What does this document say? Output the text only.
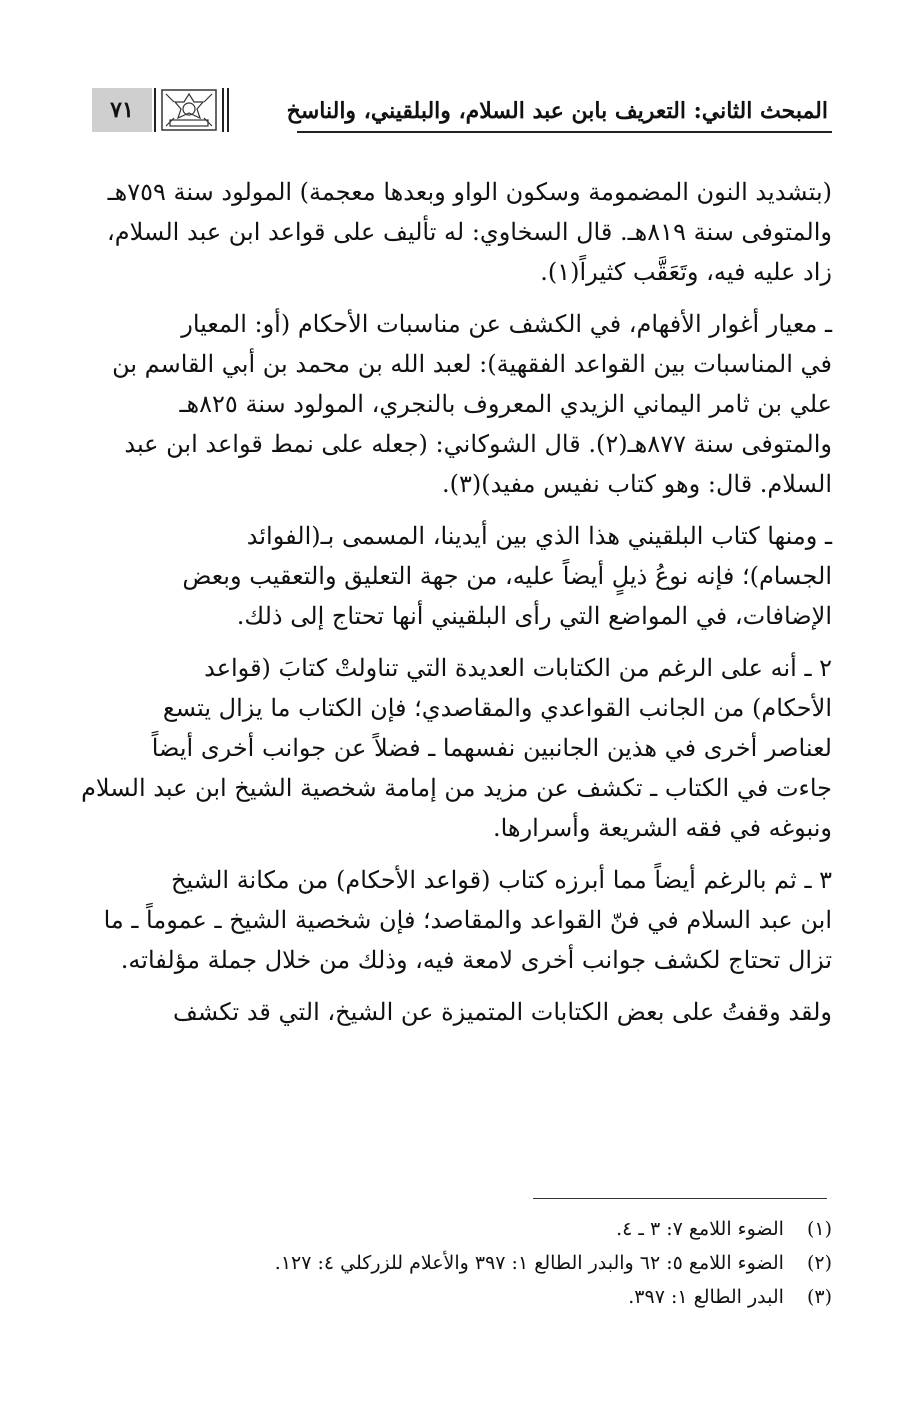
٧١	المبحث الثاني: التعريف بابن عبد السلام، والبلقيني، والناسخ

(بتشديد النون المضمومة وسكون الواو وبعدها معجمة) المولود سنة ٧٥٩هـ
والمتوفى سنة ٨١٩هـ. قال السخاوي: له تأليف على قواعد ابن عبد السلام،
زاد عليه فيه، وتَعَقَّب كثيراً(١).

ـ معيار أغوار الأفهام، في الكشف عن مناسبات الأحكام (أو: المعيار
في المناسبات بين القواعد الفقهية): لعبد الله بن محمد بن أبي القاسم بن
علي بن ثامر اليماني الزيدي المعروف بالنجري، المولود سنة ٨٢٥هـ
والمتوفى سنة ٨٧٧هـ(٢). قال الشوكاني: (جعله على نمط قواعد ابن عبد
السلام. قال: وهو كتاب نفيس مفيد)(٣).

ـ ومنها كتاب البلقيني هذا الذي بين أيدينا، المسمى بـ(الفوائد
الجسام)؛ فإنه نوعُ ذيلٍ أيضاً عليه، من جهة التعليق والتعقيب وبعض
الإضافات، في المواضع التي رأى البلقيني أنها تحتاج إلى ذلك.

٢ ـ أنه على الرغم من الكتابات العديدة التي تناولتْ كتابَ (قواعد
الأحكام) من الجانب القواعدي والمقاصدي؛ فإن الكتاب ما يزال يتسع
لعناصر أخرى في هذين الجانبين نفسهما ـ فضلاً عن جوانب أخرى أيضاً
جاءت في الكتاب ـ تكشف عن مزيد من إمامة شخصية الشيخ ابن عبد السلام
ونبوغه في فقه الشريعة وأسرارها.

٣ ـ ثم بالرغم أيضاً مما أبرزه كتاب (قواعد الأحكام) من مكانة الشيخ
ابن عبد السلام في فنّ القواعد والمقاصد؛ فإن شخصية الشيخ ـ عموماً ـ ما
تزال تحتاج لكشف جوانب أخرى لامعة فيه، وذلك من خلال جملة مؤلفاته.

ولقد وقفتُ على بعض الكتابات المتميزة عن الشيخ، التي قد تكشف

(١) الضوء اللامع ٧: ٣ ـ ٤.
(٢) الضوء اللامع ٥: ٦٢ والبدر الطالع ١: ٣٩٧ والأعلام للزركلي ٤: ١٢٧.
(٣) البدر الطالع ١: ٣٩٧.
